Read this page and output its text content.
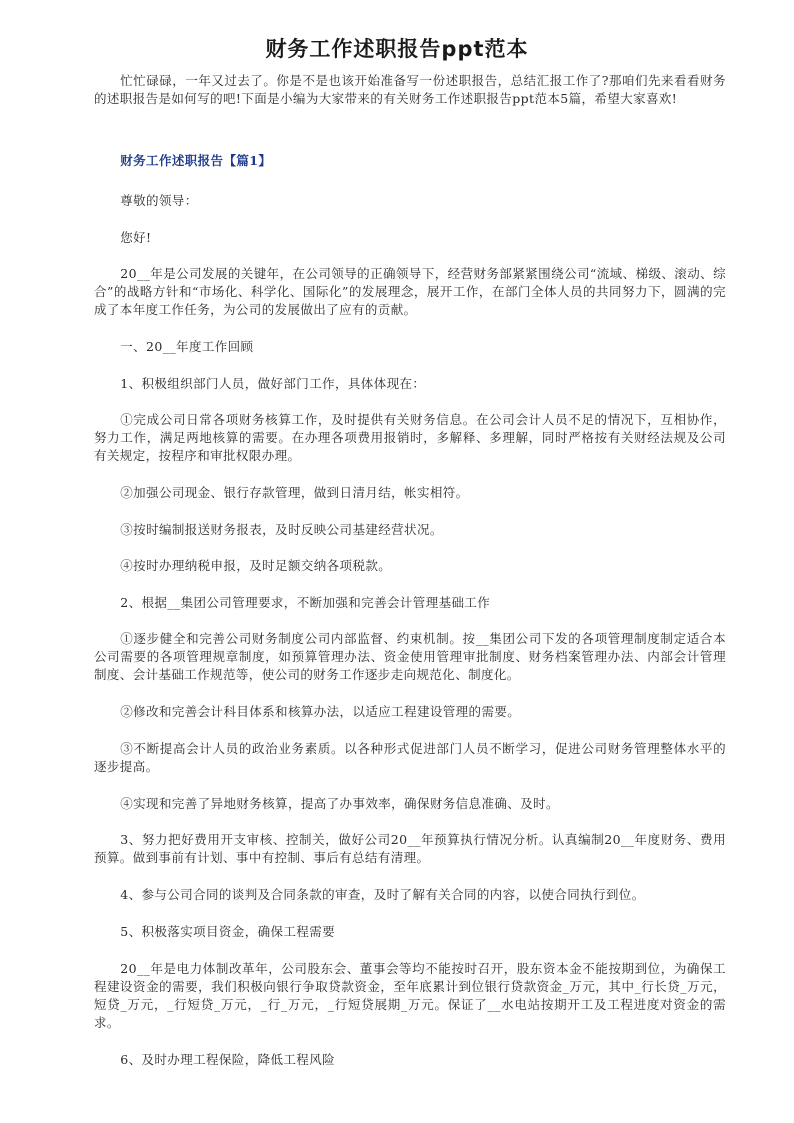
财务工作述职报告ppt范本

忙忙碌碌，一年又过去了。你是不是也该开始准备写一份述职报告，总结汇报工作了?那咱们先来看看财务的述职报告是如何写的吧!下面是小编为大家带来的有关财务工作述职报告ppt范本5篇，希望大家喜欢!

财务工作述职报告【篇1】

尊敬的领导：

您好!

20__年是公司发展的关键年，在公司领导的正确领导下，经营财务部紧紧围绕公司“流域、梯级、滚动、综合”的战略方针和“市场化、科学化、国际化”的发展理念，展开工作，在部门全体人员的共同努力下，圆满的完成了本年度工作任务，为公司的发展做出了应有的贡献。

一、20__年度工作回顾

1、积极组织部门人员，做好部门工作，具体体现在：

①完成公司日常各项财务核算工作，及时提供有关财务信息。在公司会计人员不足的情况下，互相协作，努力工作，满足两地核算的需要。在办理各项费用报销时，多解释、多理解，同时严格按有关财经法规及公司有关规定，按程序和审批权限办理。

②加强公司现金、银行存款管理，做到日清月结，帐实相符。

③按时编制报送财务报表，及时反映公司基建经营状况。

④按时办理纳税申报，及时足额交纳各项税款。

2、根据__集团公司管理要求，不断加强和完善会计管理基础工作

①逐步健全和完善公司财务制度公司内部监督、约束机制。按__集团公司下发的各项管理制度制定适合本公司需要的各项管理规章制度，如预算管理办法、资金使用管理审批制度、财务档案管理办法、内部会计管理制度、会计基础工作规范等，使公司的财务工作逐步走向规范化、制度化。

②修改和完善会计科目体系和核算办法，以适应工程建设管理的需要。

③不断提高会计人员的政治业务素质。以各种形式促进部门人员不断学习，促进公司财务管理整体水平的逐步提高。

④实现和完善了异地财务核算，提高了办事效率，确保财务信息准确、及时。

3、努力把好费用开支审核、控制关，做好公司20__年预算执行情况分析。认真编制20__年度财务、费用预算。做到事前有计划、事中有控制、事后有总结有清理。

4、参与公司合同的谈判及合同条款的审查，及时了解有关合同的内容，以使合同执行到位。

5、积极落实项目资金，确保工程需要

20__年是电力体制改革年，公司股东会、董事会等均不能按时召开，股东资本金不能按期到位，为确保工程建设资金的需要，我们积极向银行争取贷款资金，至年底累计到位银行贷款资金_万元，其中_行长贷_万元，短贷_万元，_行短贷_万元，_行_万元，_行短贷展期_万元。保证了__水电站按期开工及工程进度对资金的需求。

6、及时办理工程保险，降低工程风险
